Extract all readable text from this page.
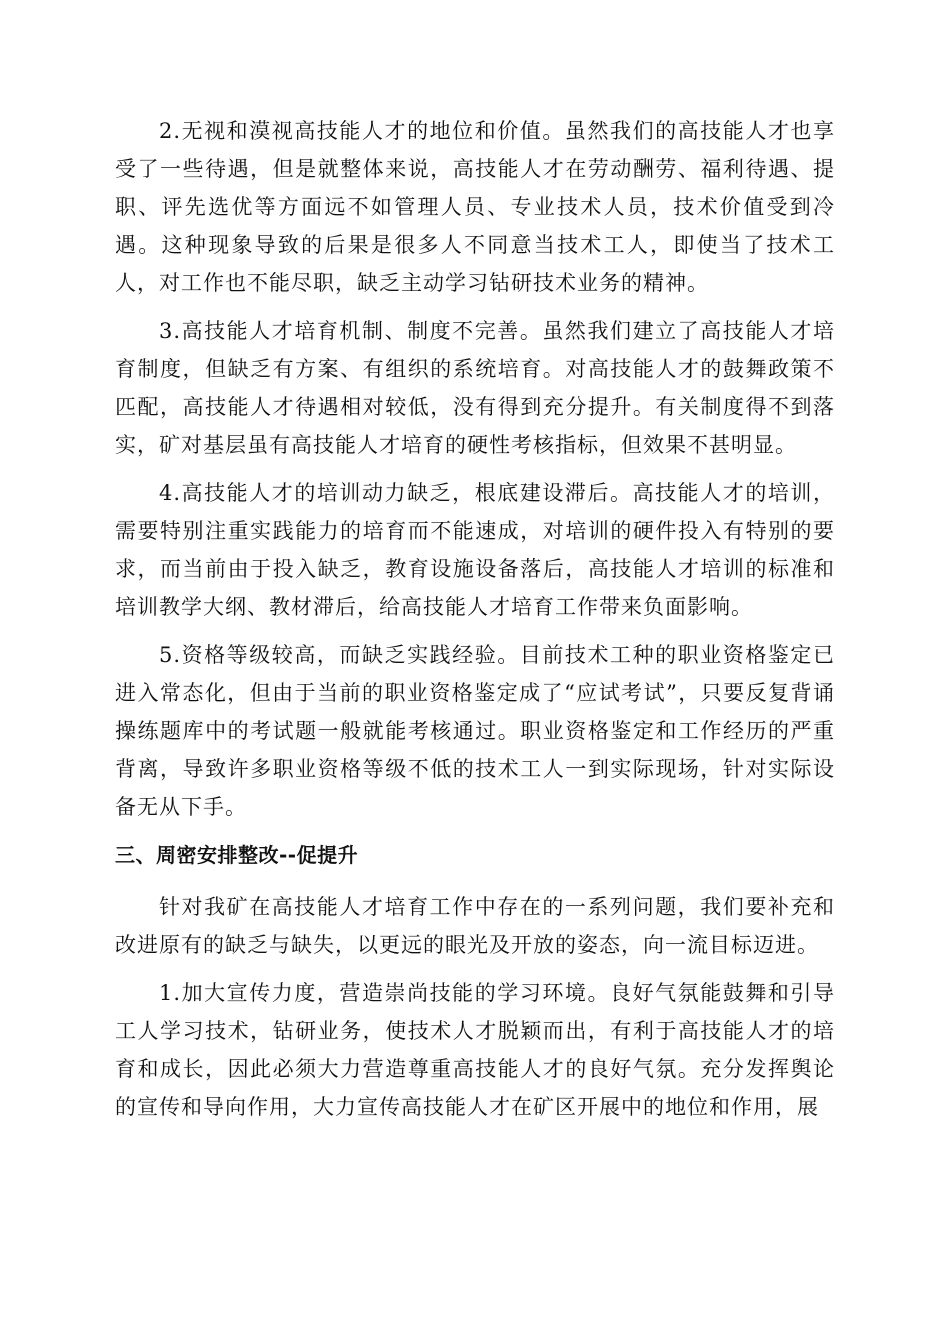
2.无视和漠视高技能人才的地位和价值。虽然我们的高技能人才也享受了一些待遇，但是就整体来说，高技能人才在劳动酬劳、福利待遇、提职、评先选优等方面远不如管理人员、专业技术人员，技术价值受到冷遇。这种现象导致的后果是很多人不同意当技术工人，即使当了技术工人，对工作也不能尽职，缺乏主动学习钻研技术业务的精神。

3.高技能人才培育机制、制度不完善。虽然我们建立了高技能人才培育制度，但缺乏有方案、有组织的系统培育。对高技能人才的鼓舞政策不匹配，高技能人才待遇相对较低，没有得到充分提升。有关制度得不到落实，矿对基层虽有高技能人才培育的硬性考核指标，但效果不甚明显。

4.高技能人才的培训动力缺乏，根底建设滞后。高技能人才的培训，需要特别注重实践能力的培育而不能速成，对培训的硬件投入有特别的要求，而当前由于投入缺乏，教育设施设备落后，高技能人才培训的标准和培训教学大纲、教材滞后，给高技能人才培育工作带来负面影响。

5.资格等级较高，而缺乏实践经验。目前技术工种的职业资格鉴定已进入常态化，但由于当前的职业资格鉴定成了“应试考试”，只要反复背诵操练题库中的考试题一般就能考核通过。职业资格鉴定和工作经历的严重背离，导致许多职业资格等级不低的技术工人一到实际现场，针对实际设备无从下手。

三、周密安排整改--促提升

针对我矿在高技能人才培育工作中存在的一系列问题，我们要补充和改进原有的缺乏与缺失，以更远的眼光及开放的姿态，向一流目标迈进。

1.加大宣传力度，营造崇尚技能的学习环境。良好气氛能鼓舞和引导工人学习技术，钻研业务，使技术人才脱颖而出，有利于高技能人才的培育和成长，因此必须大力营造尊重高技能人才的良好气氛。充分发挥舆论的宣传和导向作用，大力宣传高技能人才在矿区开展中的地位和作用，展
